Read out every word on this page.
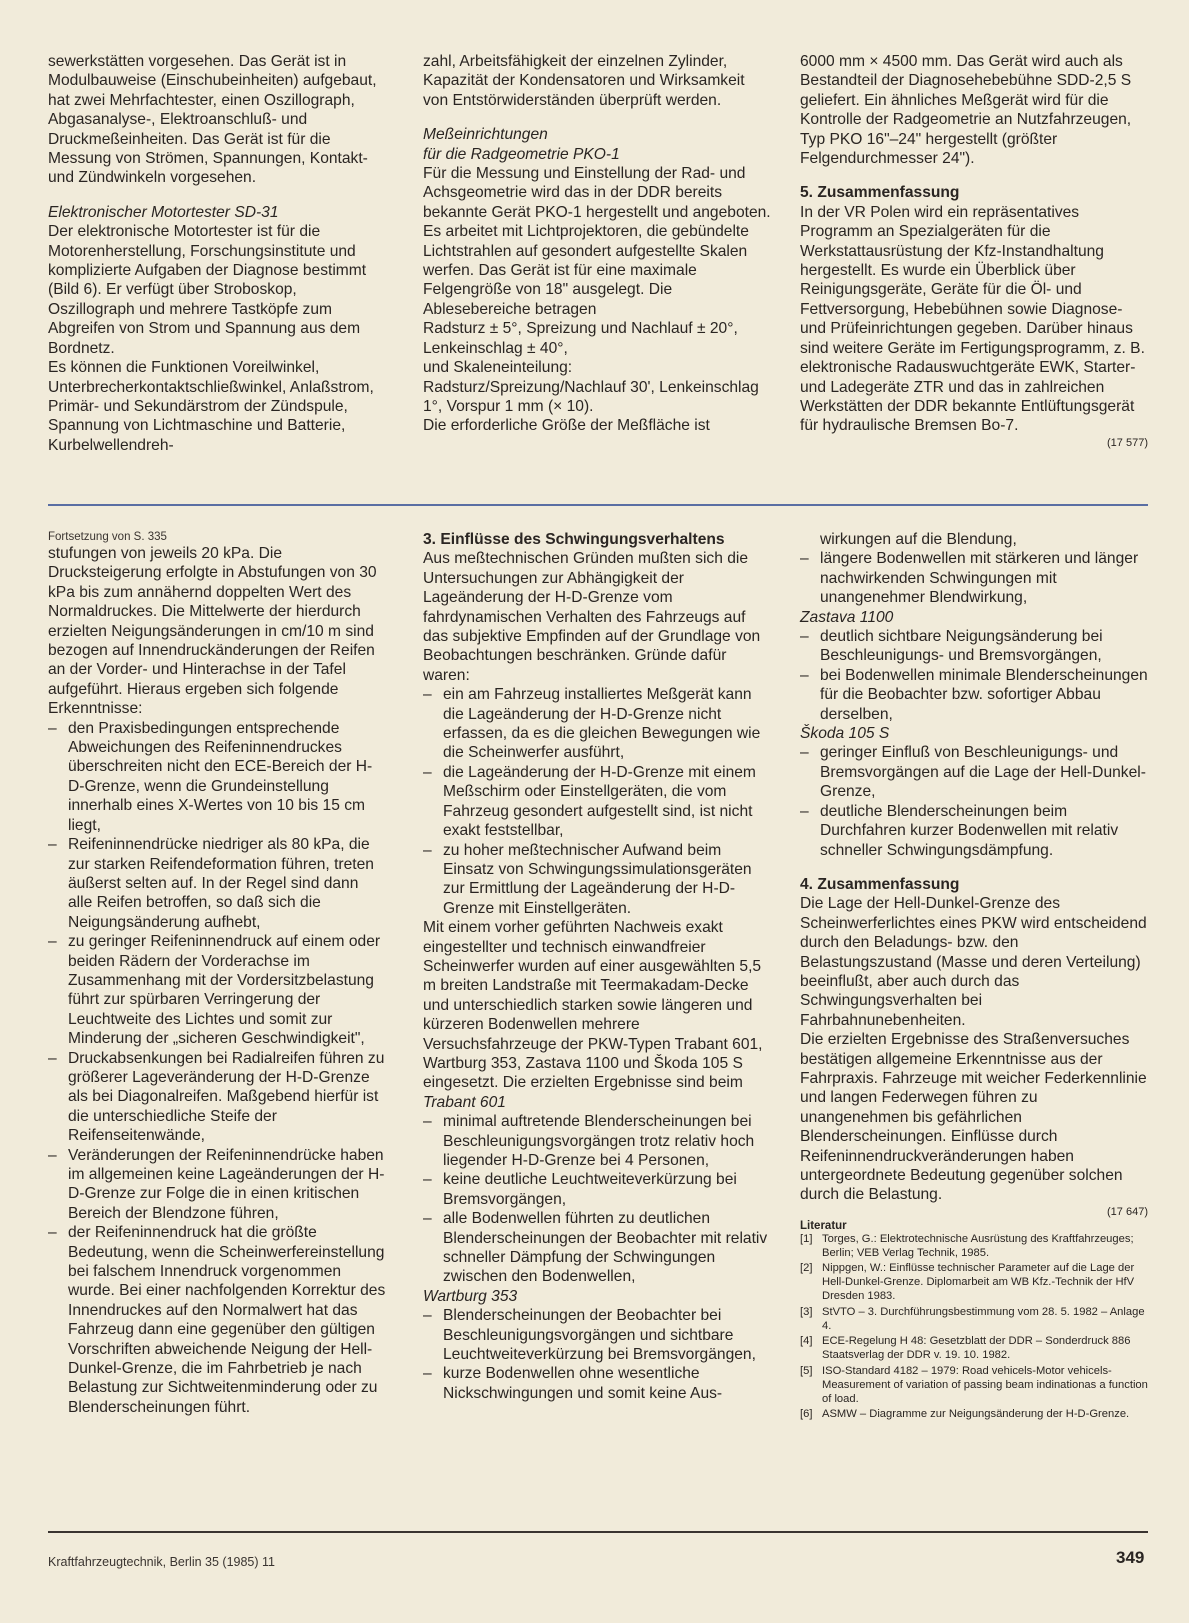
sewerkstätten vorgesehen. Das Gerät ist in Modulbauweise (Einschubeinheiten) aufgebaut, hat zwei Mehrfachtester, einen Oszillograph, Abgasanalyse-, Elektroanschluß- und Druckmeßeinheiten. Das Gerät ist für die Messung von Strömen, Spannungen, Kontakt- und Zündwinkeln vorgesehen.

Elektronischer Motortester SD-31

Der elektronische Motortester ist für die Motorenherstellung, Forschungsinstitute und komplizierte Aufgaben der Diagnose bestimmt (Bild 6). Er verfügt über Stroboskop, Oszillograph und mehrere Tastköpfe zum Abgreifen von Strom und Spannung aus dem Bordnetz.

Es können die Funktionen Voreilwinkel, Unterbrecherkontaktschließwinkel, Anlaßstrom, Primär- und Sekundärstrom der Zündspule, Spannung von Lichtmaschine und Batterie, Kurbelwellendreh-

zahl, Arbeitsfähigkeit der einzelnen Zylinder, Kapazität der Kondensatoren und Wirksamkeit von Entstörwiderständen überprüft werden.

Meßeinrichtungen

für die Radgeometrie PKO-1

Für die Messung und Einstellung der Rad- und Achsgeometrie wird das in der DDR bereits bekannte Gerät PKO-1 hergestellt und angeboten. Es arbeitet mit Lichtprojektoren, die gebündelte Lichtstrahlen auf gesondert aufgestellte Skalen werfen. Das Gerät ist für eine maximale Felgengröße von 18" ausgelegt. Die Ablesebereiche betragen

Radsturz ± 5°, Spreizung und Nachlauf ± 20°, Lenkeinschlag ± 40°,

und Skaleneinteilung:

Radsturz/Spreizung/Nachlauf 30', Lenkeinschlag 1°, Vorspur 1 mm (× 10).

Die erforderliche Größe der Meßfläche ist

6000 mm × 4500 mm. Das Gerät wird auch als Bestandteil der Diagnosehebebühne SDD-2,5 S geliefert. Ein ähnliches Meßgerät wird für die Kontrolle der Radgeometrie an Nutzfahrzeugen, Typ PKO 16"–24" hergestellt (größter Felgendurchmesser 24").

5. Zusammenfassung

In der VR Polen wird ein repräsentatives Programm an Spezialgeräten für die Werkstattausrüstung der Kfz-Instandhaltung hergestellt. Es wurde ein Überblick über Reinigungsgeräte, Geräte für die Öl- und Fettversorgung, Hebebühnen sowie Diagnose- und Prüfeinrichtungen gegeben. Darüber hinaus sind weitere Geräte im Fertigungsprogramm, z. B. elektronische Radauswuchtgeräte EWK, Starter- und Ladegeräte ZTR und das in zahlreichen Werkstätten der DDR bekannte Entlüftungsgerät für hydraulische Bremsen Bo-7.

(17 577)

Fortsetzung von S. 335

stufungen von jeweils 20 kPa. Die Drucksteigerung erfolgte in Abstufungen von 30 kPa bis zum annähernd doppelten Wert des Normaldruckes. Die Mittelwerte der hierdurch erzielten Neigungsänderungen in cm/10 m sind bezogen auf Innendruckänderungen der Reifen an der Vorder- und Hinterachse in der Tafel aufgeführt. Hieraus ergeben sich folgende Erkenntnisse:

– den Praxisbedingungen entsprechende Abweichungen des Reifeninnendruckes überschreiten nicht den ECE-Bereich der H-D-Grenze, wenn die Grundeinstellung innerhalb eines X-Wertes von 10 bis 15 cm liegt,
– Reifeninnendrücke niedriger als 80 kPa, die zur starken Reifendeformation führen, treten äußerst selten auf. In der Regel sind dann alle Reifen betroffen, so daß sich die Neigungsänderung aufhebt,
– zu geringer Reifeninnendruck auf einem oder beiden Rädern der Vorderachse im Zusammenhang mit der Vordersitzbelastung führt zur spürbaren Verringerung der Leuchtweite des Lichtes und somit zur Minderung der „sicheren Geschwindigkeit",
– Druckabsenkungen bei Radialreifen führen zu größerer Lageveränderung der H-D-Grenze als bei Diagonalreifen. Maßgebend hierfür ist die unterschiedliche Steife der Reifenseitenwände,
– Veränderungen der Reifeninnendrücke haben im allgemeinen keine Lageänderungen der H-D-Grenze zur Folge die in einen kritischen Bereich der Blendzone führen,
– der Reifeninnendruck hat die größte Bedeutung, wenn die Scheinwerfereinstellung bei falschem Innendruck vorgenommen wurde. Bei einer nachfolgenden Korrektur des Innendruckes auf den Normalwert hat das Fahrzeug dann eine gegenüber den gültigen Vorschriften abweichende Neigung der Hell-Dunkel-Grenze, die im Fahrbetrieb je nach Belastung zur Sichtweitenminderung oder zu Blenderscheinungen führt.

3. Einflüsse des Schwingungsverhaltens

Aus meßtechnischen Gründen mußten sich die Untersuchungen zur Abhängigkeit der Lageänderung der H-D-Grenze vom fahrdynamischen Verhalten des Fahrzeugs auf das subjektive Empfinden auf der Grundlage von Beobachtungen beschränken. Gründe dafür waren:

– ein am Fahrzeug installiertes Meßgerät kann die Lageänderung der H-D-Grenze nicht erfassen, da es die gleichen Bewegungen wie die Scheinwerfer ausführt,
– die Lageänderung der H-D-Grenze mit einem Meßschirm oder Einstellgeräten, die vom Fahrzeug gesondert aufgestellt sind, ist nicht exakt feststellbar,
– zu hoher meßtechnischer Aufwand beim Einsatz von Schwingungssimulationsgeräten zur Ermittlung der Lageänderung der H-D-Grenze mit Einstellgeräten.

Mit einem vorher geführten Nachweis exakt eingestellter und technisch einwandfreier Scheinwerfer wurden auf einer ausgewählten 5,5 m breiten Landstraße mit Teermakadam-Decke und unterschiedlich starken sowie längeren und kürzeren Bodenwellen mehrere Versuchsfahrzeuge der PKW-Typen Trabant 601, Wartburg 353, Zastava 1100 und Škoda 105 S eingesetzt. Die erzielten Ergebnisse sind beim

Trabant 601

– minimal auftretende Blenderscheinungen bei Beschleunigungsvorgängen trotz relativ hoch liegender H-D-Grenze bei 4 Personen,
– keine deutliche Leuchtweiteverkürzung bei Bremsvorgängen,
– alle Bodenwellen führten zu deutlichen Blenderscheinungen der Beobachter mit relativ schneller Dämpfung der Schwingungen zwischen den Bodenwellen,

Wartburg 353

– Blenderscheinungen der Beobachter bei Beschleunigungsvorgängen und sichtbare Leuchtweiteverkürzung bei Bremsvorgängen,
– kurze Bodenwellen ohne wesentliche Nickschwingungen und somit keine Aus-

wirkungen auf die Blendung,

– längere Bodenwellen mit stärkeren und länger nachwirkenden Schwingungen mit unangenehmer Blendwirkung,

Zastava 1100

– deutlich sichtbare Neigungsänderung bei Beschleunigungs- und Bremsvorgängen,
– bei Bodenwellen minimale Blenderscheinungen für die Beobachter bzw. sofortiger Abbau derselben,

Škoda 105 S

– geringer Einfluß von Beschleunigungs- und Bremsvorgängen auf die Lage der Hell-Dunkel-Grenze,
– deutliche Blenderscheinungen beim Durchfahren kurzer Bodenwellen mit relativ schneller Schwingungsdämpfung.

4. Zusammenfassung

Die Lage der Hell-Dunkel-Grenze des Scheinwerferlichtes eines PKW wird entscheidend durch den Beladungs- bzw. den Belastungszustand (Masse und deren Verteilung) beeinflußt, aber auch durch das Schwingungsverhalten bei Fahrbahnunebenheiten.

Die erzielten Ergebnisse des Straßenversuches bestätigen allgemeine Erkenntnisse aus der Fahrpraxis. Fahrzeuge mit weicher Federkennlinie und langen Federwegen führen zu unangenehmen bis gefährlichen Blenderscheinungen. Einflüsse durch Reifeninnendruckveränderungen haben untergeordnete Bedeutung gegenüber solchen durch die Belastung.

(17 647)

Literatur

[1] Torges, G.: Elektrotechnische Ausrüstung des Kraftfahrzeuges; Berlin; VEB Verlag Technik, 1985.
[2] Nippgen, W.: Einflüsse technischer Parameter auf die Lage der Hell-Dunkel-Grenze. Diplomarbeit am WB Kfz.-Technik der HfV Dresden 1983.
[3] StVTO – 3. Durchführungsbestimmung vom 28. 5. 1982 – Anlage 4.
[4] ECE-Regelung H 48: Gesetzblatt der DDR – Sonderdruck 886 Staatsverlag der DDR v. 19. 10. 1982.
[5] ISO-Standard 4182 – 1979: Road vehicels-Motor vehicels-Measurement of variation of passing beam indinationas a function of load.
[6] ASMW – Diagramme zur Neigungsänderung der H-D-Grenze.
Kraftfahrzeugtechnik, Berlin 35 (1985) 11	349
